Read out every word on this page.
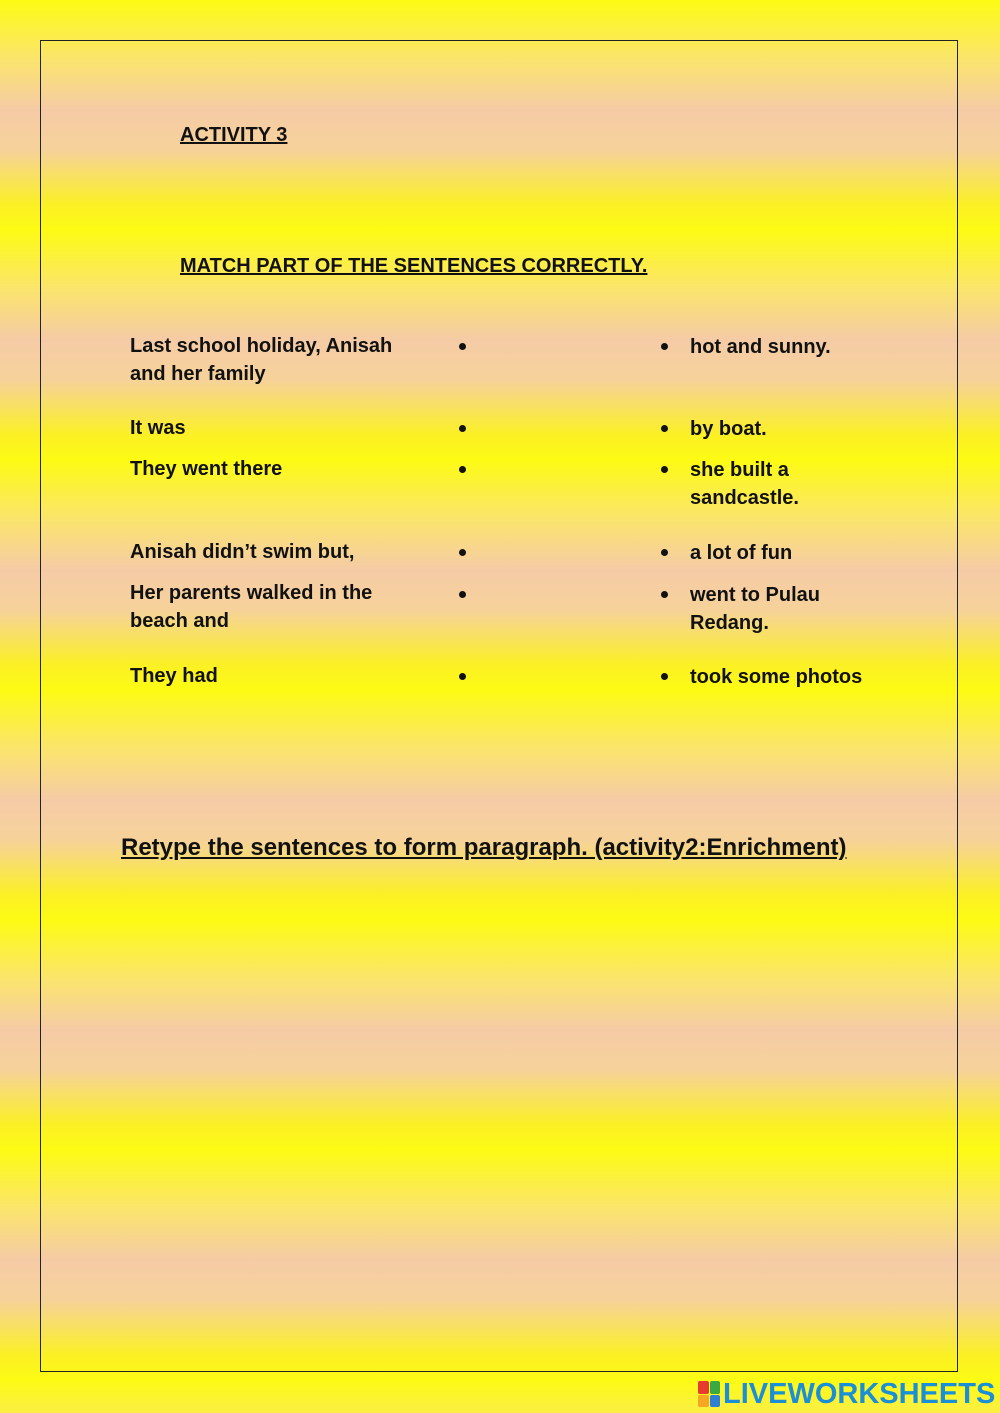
ACTIVITY 3
MATCH PART OF THE SENTENCES CORRECTLY.
Last school holiday, Anisah and her family
It was
They went there
Anisah didn’t swim but,
Her parents walked in the beach and
They had
hot and sunny.
by boat.
she built a sandcastle.
a lot of fun
went to Pulau Redang.
took some photos
Retype the sentences to form paragraph. (activity2:Enrichment)
LIVEWORKSHEETS
